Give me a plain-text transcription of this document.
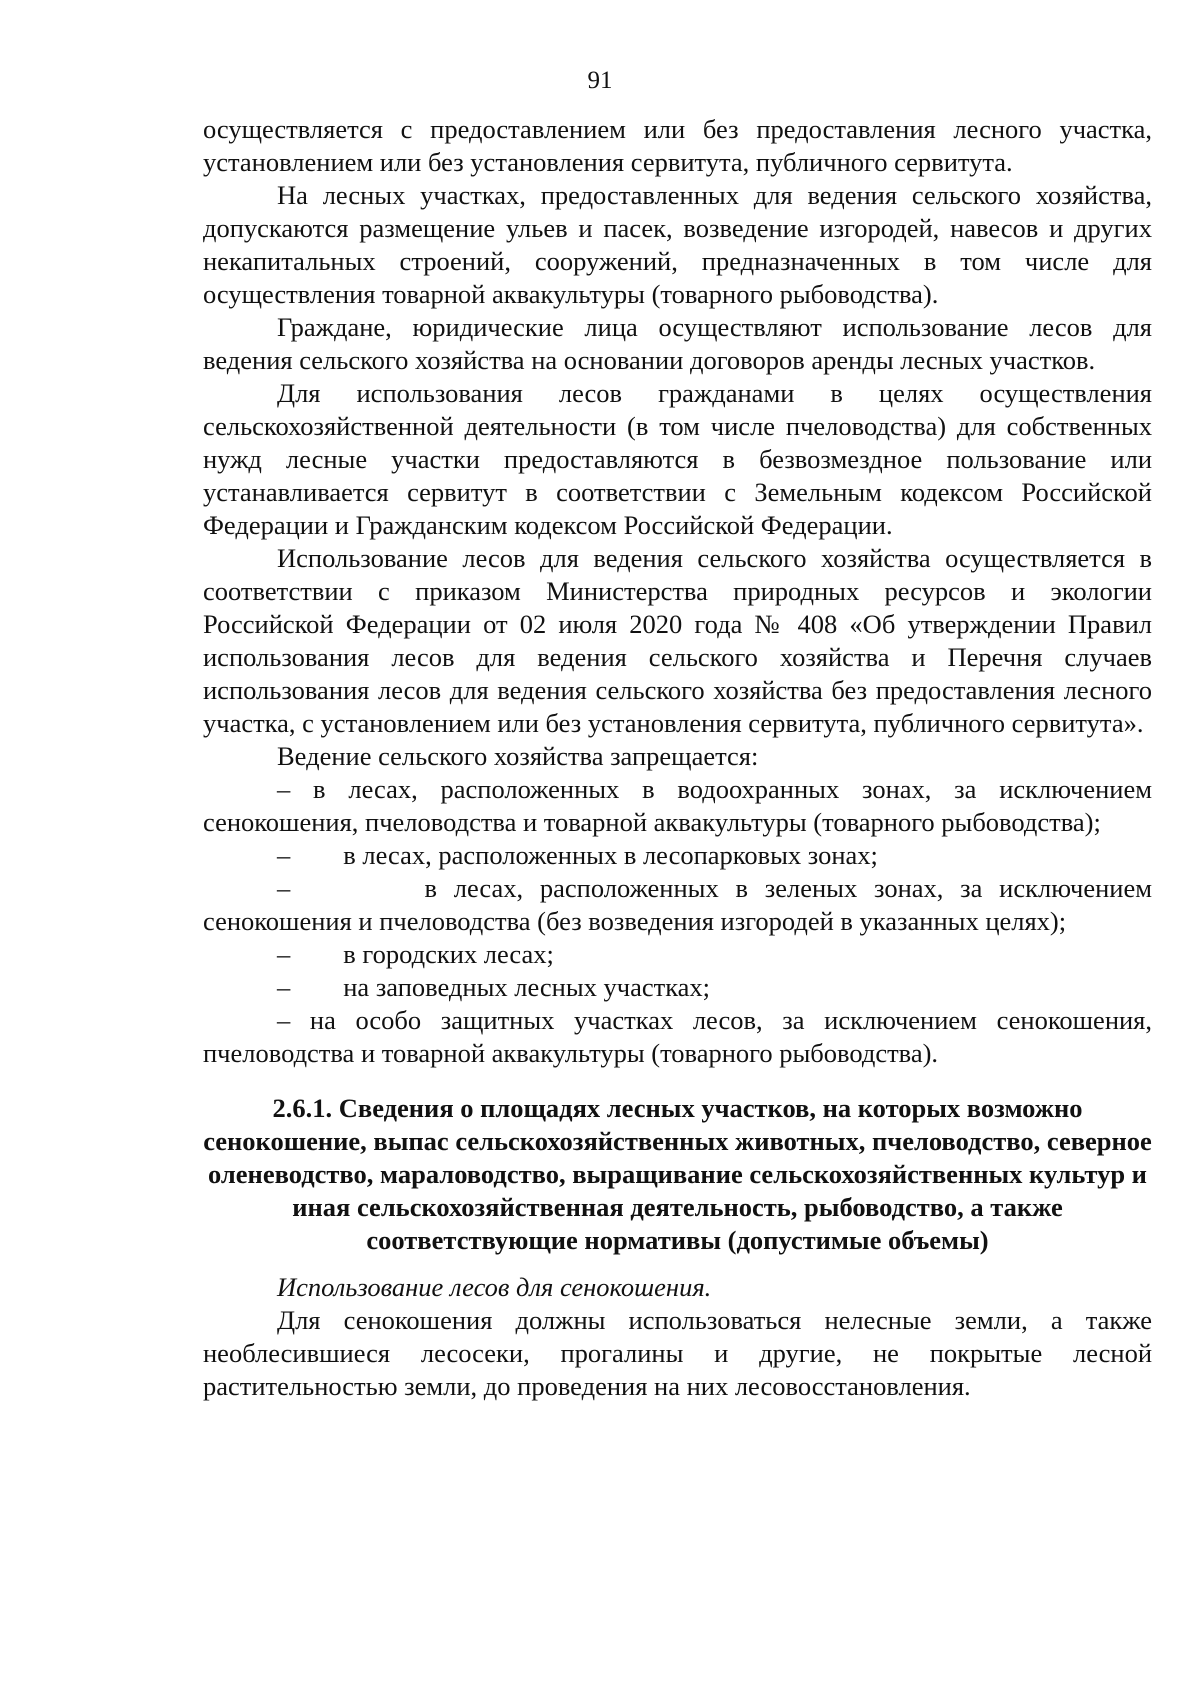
91

осуществляется с предоставлением или без предоставления лесного участка, установлением или без установления сервитута, публичного сервитута.

На лесных участках, предоставленных для ведения сельского хозяйства, допускаются размещение ульев и пасек, возведение изгородей, навесов и других некапитальных строений, сооружений, предназначенных в том числе для осуществления товарной аквакультуры (товарного рыбоводства).

Граждане, юридические лица осуществляют использование лесов для ведения сельского хозяйства на основании договоров аренды лесных участков.

Для использования лесов гражданами в целях осуществления сельскохозяйственной деятельности (в том числе пчеловодства) для собственных нужд лесные участки предоставляются в безвозмездное пользование или устанавливается сервитут в соответствии с Земельным кодексом Российской Федерации и Гражданским кодексом Российской Федерации.

Использование лесов для ведения сельского хозяйства осуществляется в соответствии с приказом Министерства природных ресурсов и экологии Российской Федерации от 02 июля 2020 года № 408 «Об утверждении Правил использования лесов для ведения сельского хозяйства и Перечня случаев использования лесов для ведения сельского хозяйства без предоставления лесного участка, с установлением или без установления сервитута, публичного сервитута».

Ведение сельского хозяйства запрещается:

– в лесах, расположенных в водоохранных зонах, за исключением сенокошения, пчеловодства и товарной аквакультуры (товарного рыбоводства);

– в лесах, расположенных в лесопарковых зонах;

–	в лесах, расположенных в зеленых зонах, за исключением сенокошения и пчеловодства (без возведения изгородей в указанных целях);

– в городских лесах;

– на заповедных лесных участках;

– на особо защитных участках лесов, за исключением сенокошения, пчеловодства и товарной аквакультуры (товарного рыбоводства).

2.6.1. Сведения о площадях лесных участков, на которых возможно сенокошение, выпас сельскохозяйственных животных, пчеловодство, северное оленеводство, мараловодство, выращивание сельскохозяйственных культур и иная сельскохозяйственная деятельность, рыбоводство, а также соответствующие нормативы (допустимые объемы)

Использование лесов для сенокошения.

Для сенокошения должны использоваться нелесные земли, а также необлесившиеся лесосеки, прогалины и другие, не покрытые лесной растительностью земли, до проведения на них лесовосстановления.
